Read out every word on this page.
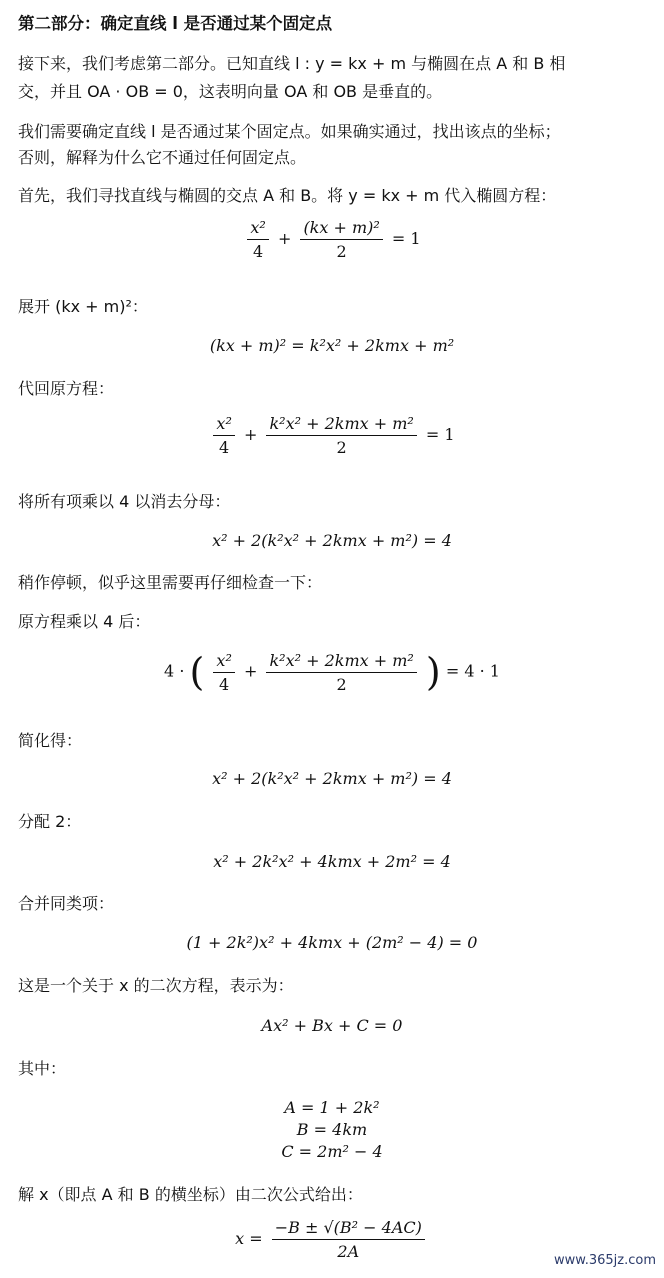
第二部分：确定直线 l 是否通过某个固定点
接下来，我们考虑第二部分。已知直线 l : y = kx + m 与椭圆在点 A 和 B 相
交，并且 OA · OB = 0，这表明向量 OA 和 OB 是垂直的。
我们需要确定直线 l 是否通过某个固定点。如果确实通过，找出该点的坐标；
否则，解释为什么它不通过任何固定点。
首先，我们寻找直线与椭圆的交点 A 和 B。将 y = kx + m 代入椭圆方程：
$\frac{\text{x²}}{4} + \frac{\text{(kx + m)²}}{2} = 1$
展开 (kx + m)²：
(kx + m)² = k²x² + 2kmx + m²
代回原方程：
$\frac{\text{x²}}{4} + \frac{\text{k²x² + 2kmx + m²}}{2} = 1$
将所有项乘以 4 以消去分母：
x² + 2(k²x² + 2kmx + m²) = 4
稍作停顿，似乎这里需要再仔细检查一下：
原方程乘以 4 后：
4 · ( $\frac{\text{x²}}{4} + \frac{\text{k²x² + 2kmx + m²}}{2}$ ) = 4 · 1
简化得：
x² + 2(k²x² + 2kmx + m²) = 4
分配 2：
x² + 2k²x² + 4kmx + 2m² = 4
合并同类项：
(1 + 2k²)x² + 4kmx + (2m² − 4) = 0
这是一个关于 x 的二次方程，表示为：
Ax² + Bx + C = 0
其中：
A = 1 + 2k²
B = 4km
C = 2m² − 4
解 x（即点 A 和 B 的横坐标）由二次公式给出：
$x = \frac{\text{−B ± √(B² − 4AC)}}{2A}$	www.365jz.com
